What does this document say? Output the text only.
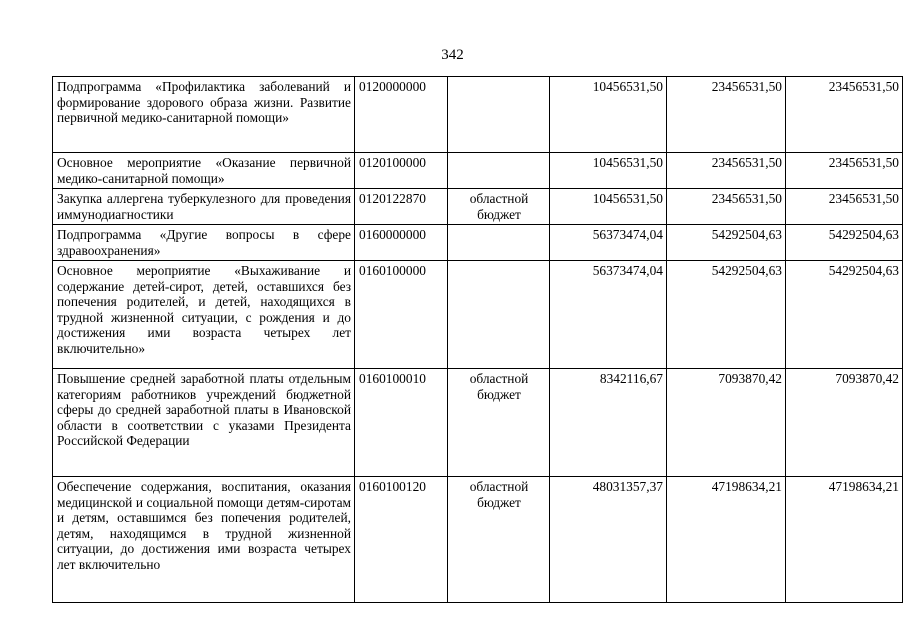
342
Подпрограмма «Профилактика заболеваний и формирование здорового образа жизни. Развитие первичной медико-санитарной помощи»	0120000000		10456531,50	23456531,50	23456531,50
Основное мероприятие «Оказание первичной медико-санитарной помощи»	0120100000		10456531,50	23456531,50	23456531,50
Закупка аллергена туберкулезного для проведения иммунодиагностики	0120122870	областной бюджет	10456531,50	23456531,50	23456531,50
Подпрограмма «Другие вопросы в сфере здравоохранения»	0160000000		56373474,04	54292504,63	54292504,63
Основное мероприятие «Выхаживание и содержание детей-сирот, детей, оставшихся без попечения родителей, и детей, находящихся в трудной жизненной ситуации, с рождения и до достижения ими возраста четырех лет включительно»	0160100000		56373474,04	54292504,63	54292504,63
Повышение средней заработной платы отдельным категориям работников учреждений бюджетной сферы до средней заработной платы в Ивановской области в соответствии с указами Президента Российской Федерации	0160100010	областной бюджет	8342116,67	7093870,42	7093870,42
Обеспечение содержания, воспитания, оказания медицинской и социальной помощи детям-сиротам и детям, оставшимся без попечения родителей, детям, находящимся в трудной жизненной ситуации, до достижения ими возраста четырех лет включительно	0160100120	областной бюджет	48031357,37	47198634,21	47198634,21
